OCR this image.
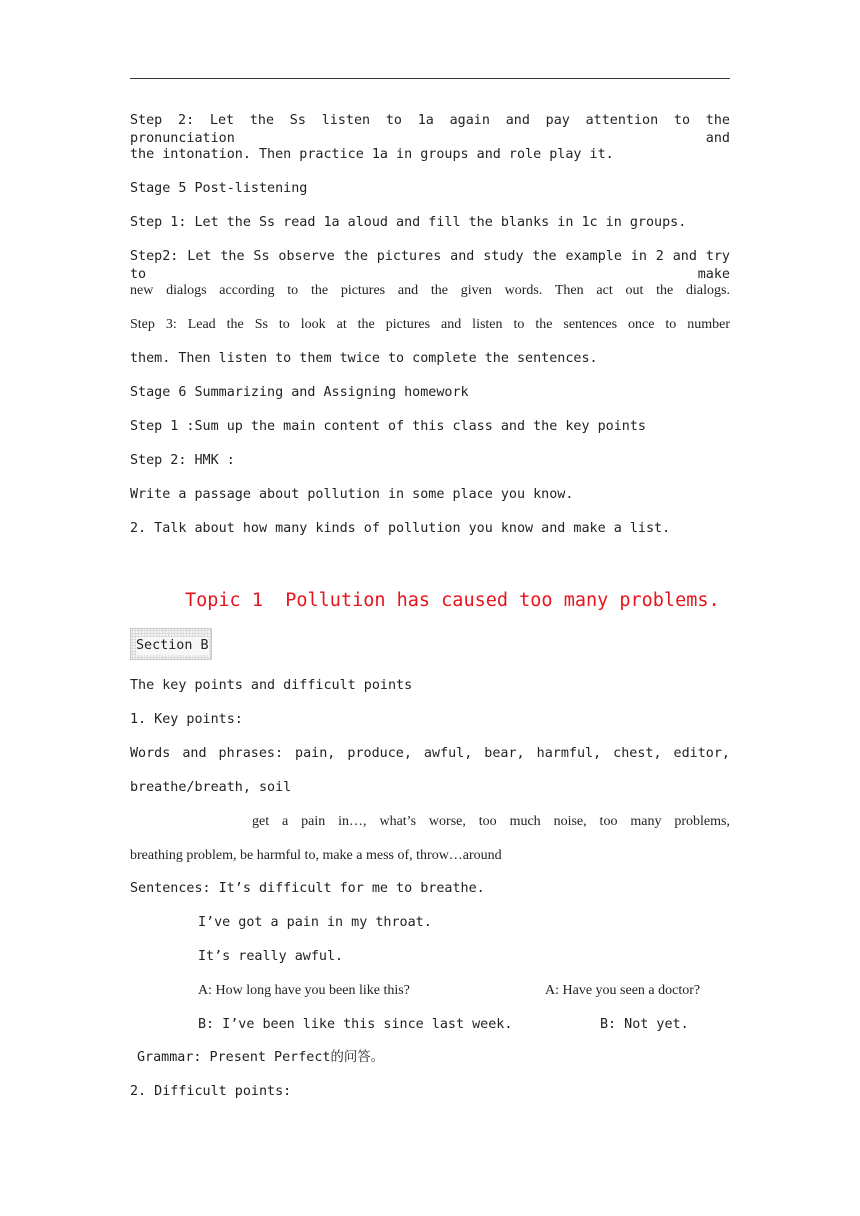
Step 2: Let the Ss listen to 1a again and pay attention to the pronunciation and
the intonation. Then practice 1a in groups and role play it.
Stage 5 Post-listening
Step 1: Let the Ss read 1a aloud and fill the blanks in 1c in groups.
Step2: Let the Ss observe the pictures and study the example in 2 and try to make
new dialogs according to the pictures and the given words. Then act out the dialogs.
Step 3: Lead the Ss to look at the pictures and listen to the sentences once to number
them. Then listen to them twice to complete the sentences.
Stage 6 Summarizing and Assigning homework
Step 1 :Sum up the main content of this class and the key points
Step 2: HMK :
Write a passage about pollution in some place you know.
2. Talk about how many kinds of pollution you know and make a list.
Topic 1  Pollution has caused too many problems.
Section B
The key points and difficult points
1. Key points:
Words and phrases: pain, produce, awful, bear, harmful, chest, editor,
breathe/breath, soil
get a pain in…, what’s worse, too much noise, too many problems,
breathing problem, be harmful to, make a mess of, throw…around
Sentences: It’s difficult for me to breathe.
I’ve got a pain in my throat.
It’s really awful.
A: How long have you been like this?	A: Have you seen a doctor?
B: I’ve been like this since last week.	B: Not yet.
Grammar: Present Perfect的问答。
2. Difficult points:
